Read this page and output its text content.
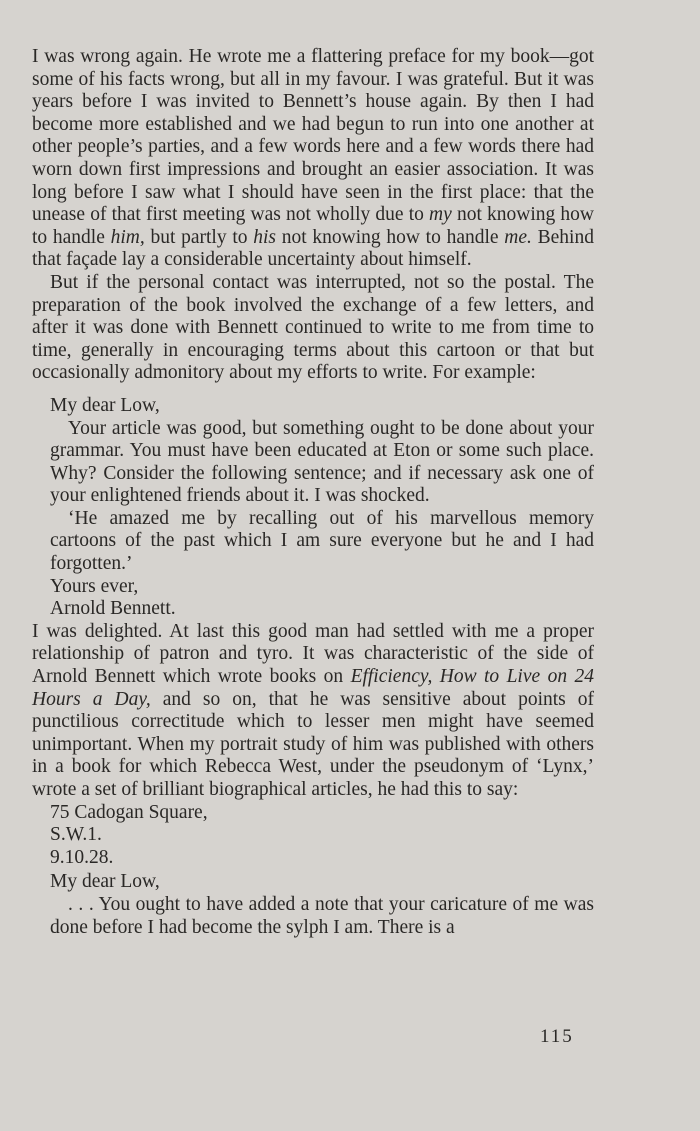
I was wrong again. He wrote me a flattering preface for my book—got some of his facts wrong, but all in my favour. I was grateful. But it was years before I was invited to Bennett’s house again. By then I had become more established and we had begun to run into one another at other people’s parties, and a few words here and a few words there had worn down first impressions and brought an easier association. It was long before I saw what I should have seen in the first place: that the unease of that first meeting was not wholly due to my not knowing how to handle him, but partly to his not knowing how to handle me. Behind that façade lay a considerable uncertainty about himself.

But if the personal contact was interrupted, not so the postal. The preparation of the book involved the exchange of a few letters, and after it was done with Bennett continued to write to me from time to time, generally in encouraging terms about this cartoon or that but occasionally admonitory about my efforts to write. For example:

My dear Low,

Your article was good, but something ought to be done about your grammar. You must have been educated at Eton or some such place. Why? Consider the following sentence; and if necessary ask one of your enlightened friends about it. I was shocked.

‘He amazed me by recalling out of his marvellous memory cartoons of the past which I am sure everyone but he and I had forgotten.’

Yours ever,

Arnold Bennett.

I was delighted. At last this good man had settled with me a proper relationship of patron and tyro. It was characteristic of the side of Arnold Bennett which wrote books on Efficiency, How to Live on 24 Hours a Day, and so on, that he was sensitive about points of punctilious correctitude which to lesser men might have seemed unimportant. When my portrait study of him was published with others in a book for which Rebecca West, under the pseudonym of ‘Lynx,’ wrote a set of brilliant biographical articles, he had this to say:

75 Cadogan Square,

S.W.1.

9.10.28.

My dear Low,

. . . You ought to have added a note that your caricature of me was done before I had become the sylph I am. There is a

115
